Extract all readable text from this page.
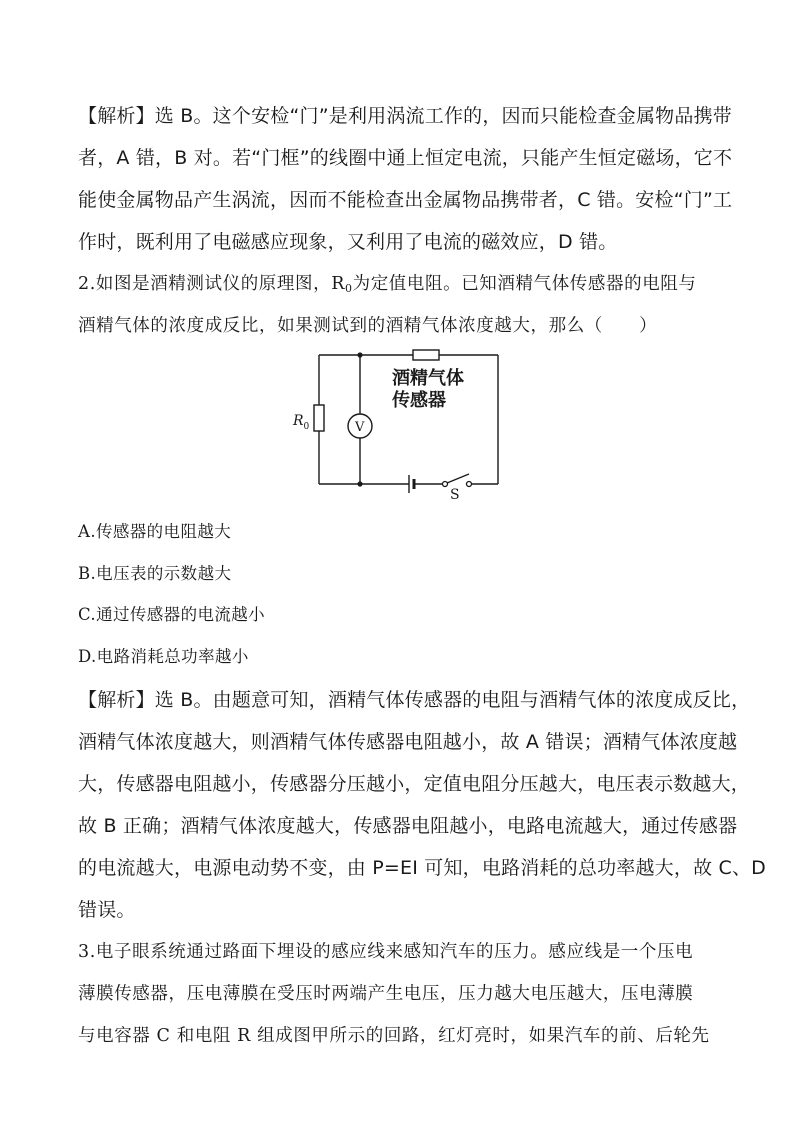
【解析】选 B。这个安检“门”是利用涡流工作的，因而只能检查金属物品携带
者，A 错，B 对。若“门框”的线圈中通上恒定电流，只能产生恒定磁场，它不
能使金属物品产生涡流，因而不能检查出金属物品携带者，C 错。安检“门”工
作时，既利用了电磁感应现象，又利用了电流的磁效应，D 错。
2.如图是酒精测试仪的原理图，$R_0$为定值电阻。已知酒精气体传感器的电阻与
酒精气体的浓度成反比，如果测试到的酒精气体浓度越大，那么（　　）
V
S
酒精气体
传感器
$R_0$
A.传感器的电阻越大
B.电压表的示数越大
C.通过传感器的电流越小
D.电路消耗总功率越小
【解析】选 B。由题意可知，酒精气体传感器的电阻与酒精气体的浓度成反比，
酒精气体浓度越大，则酒精气体传感器电阻越小，故 A 错误；酒精气体浓度越
大，传感器电阻越小，传感器分压越小，定值电阻分压越大，电压表示数越大，
故 B 正确；酒精气体浓度越大，传感器电阻越小，电路电流越大，通过传感器
的电流越大，电源电动势不变，由 P=EI 可知，电路消耗的总功率越大，故 C、D
错误。
3.电子眼系统通过路面下埋设的感应线来感知汽车的压力。感应线是一个压电
薄膜传感器，压电薄膜在受压时两端产生电压，压力越大电压越大，压电薄膜
与电容器 C 和电阻 R 组成图甲所示的回路，红灯亮时，如果汽车的前、后轮先
